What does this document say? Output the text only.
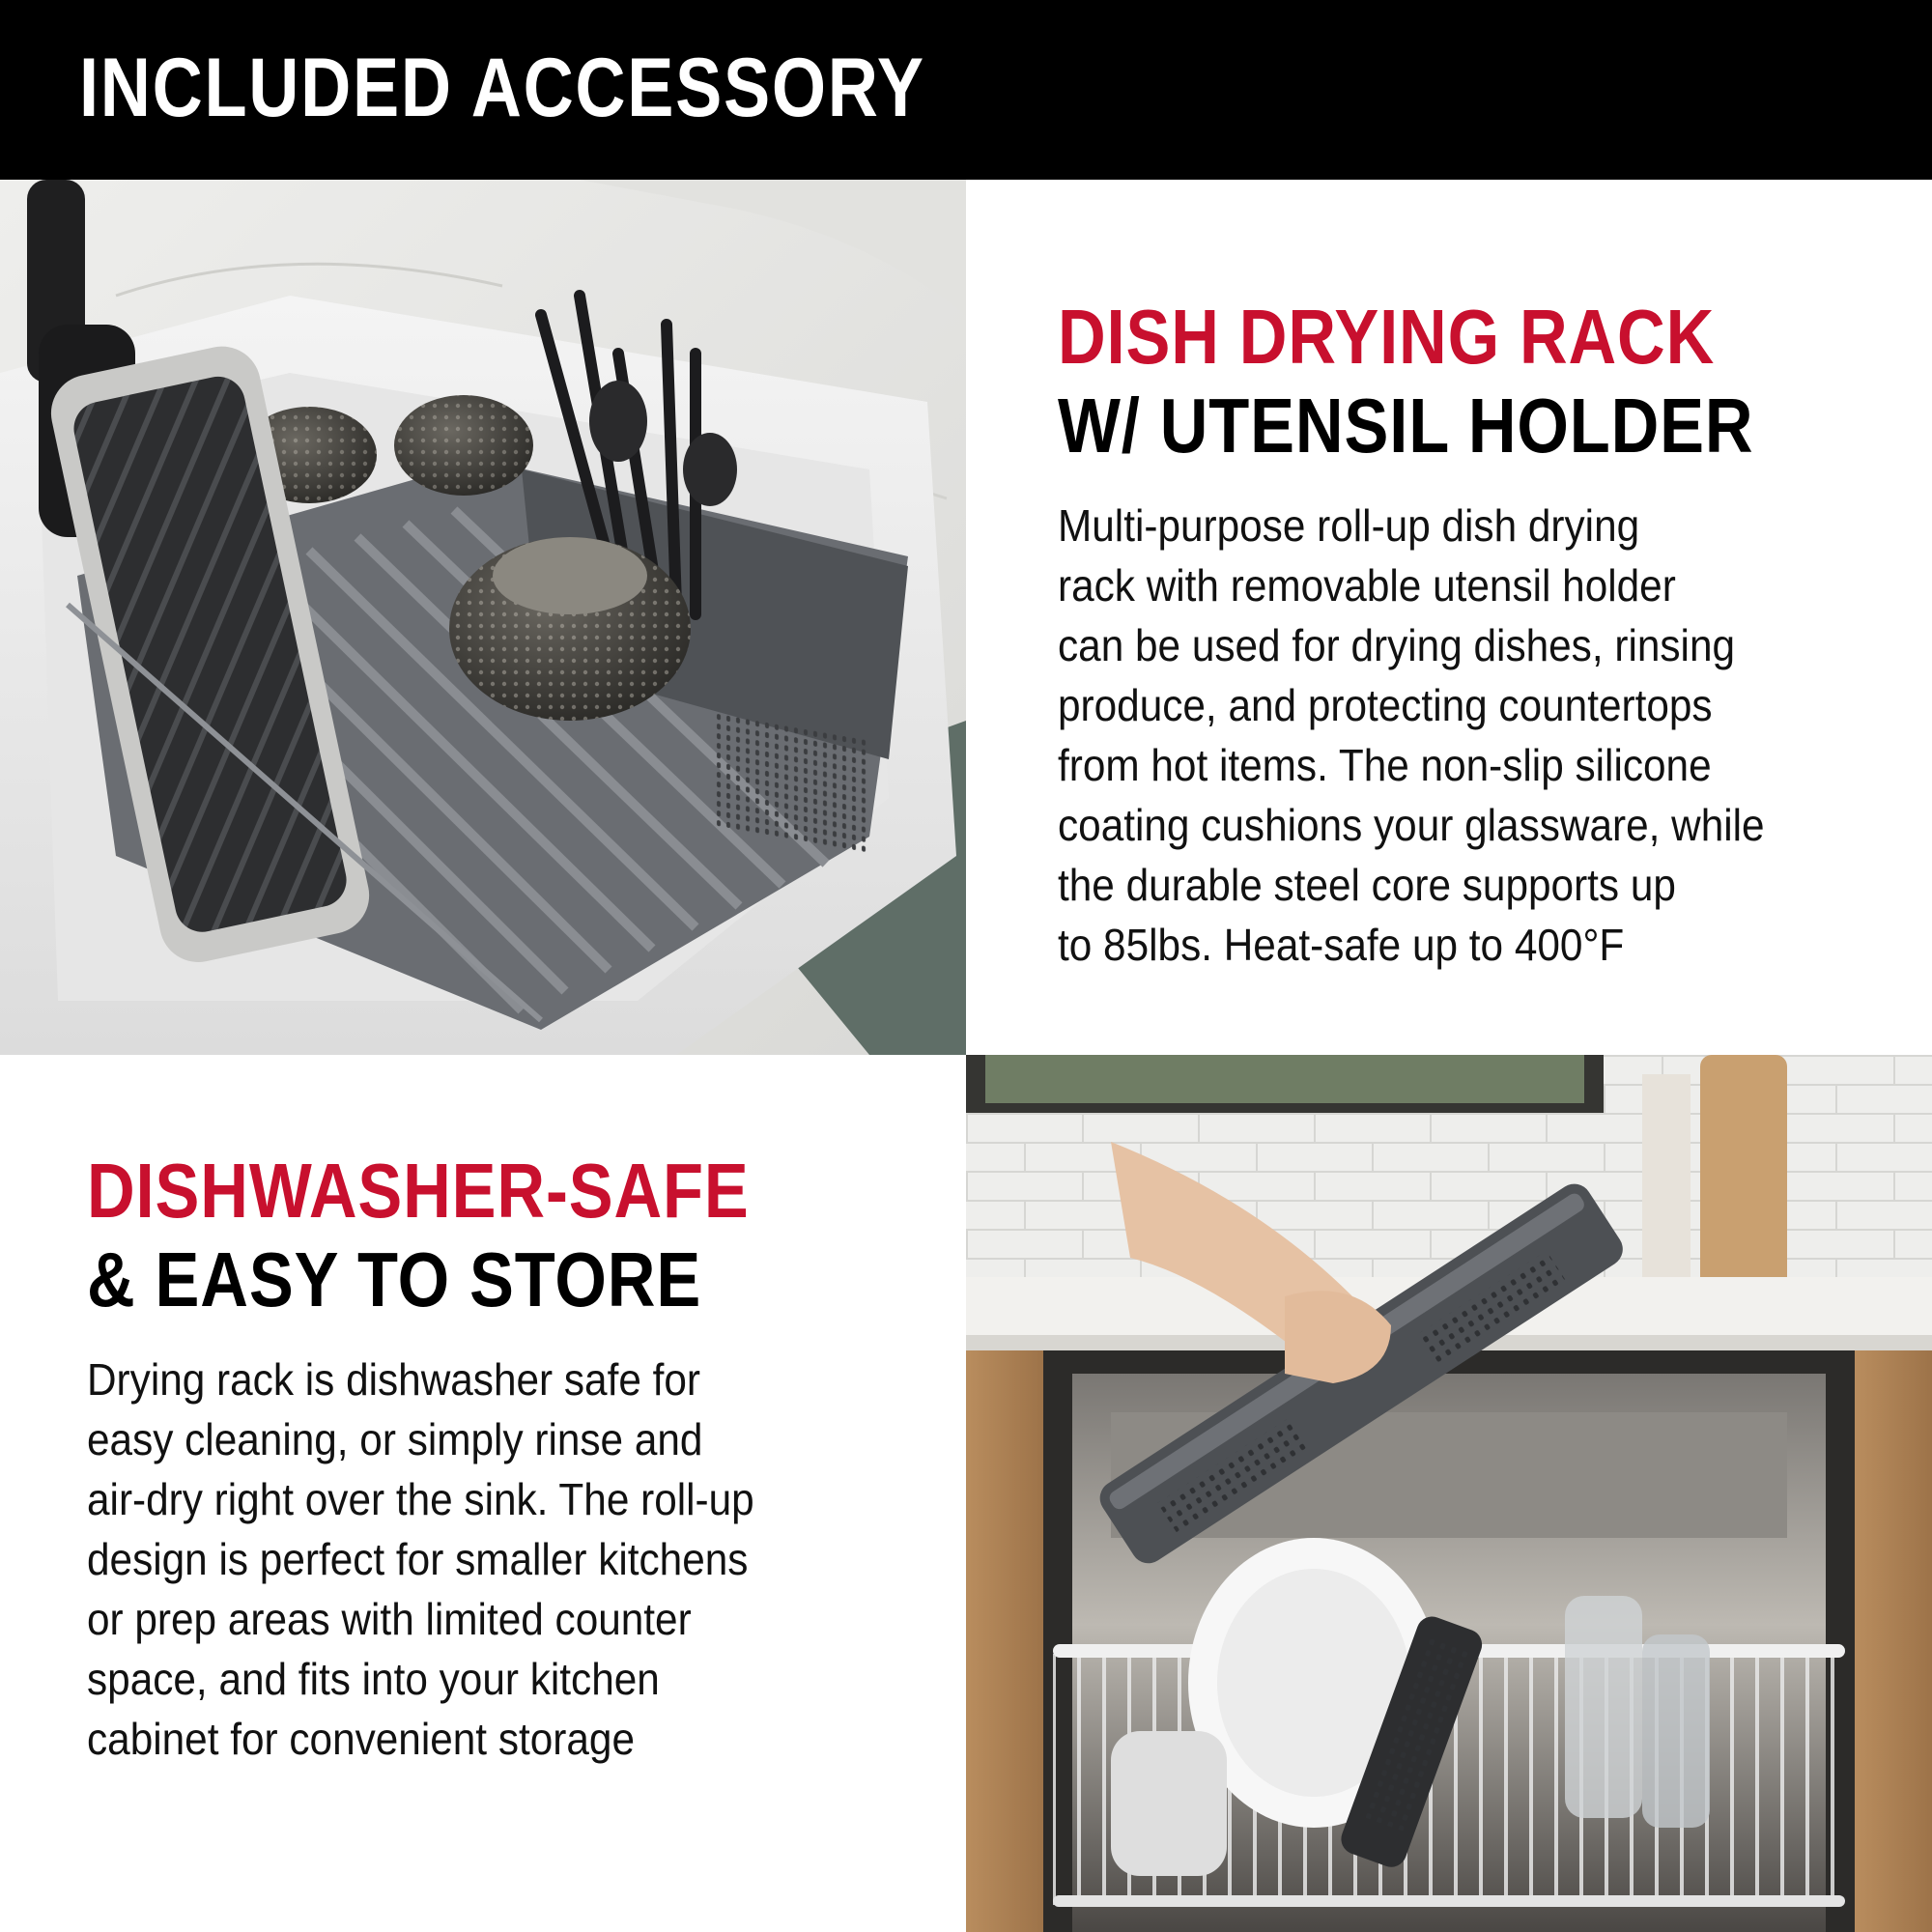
INCLUDED ACCESSORY
DISH DRYING RACK
W/ UTENSIL HOLDER

Multi-purpose roll-up dish drying
rack with removable utensil holder
can be used for drying dishes, rinsing
produce, and protecting countertops
from hot items. The non-slip silicone
coating cushions your glassware, while
the durable steel core supports up
to 85lbs. Heat-safe up to 400°F

DISHWASHER-SAFE
& EASY TO STORE

Drying rack is dishwasher safe for
easy cleaning, or simply rinse and
air-dry right over the sink. The roll-up
design is perfect for smaller kitchens
or prep areas with limited counter
space, and fits into your kitchen
cabinet for convenient storage
